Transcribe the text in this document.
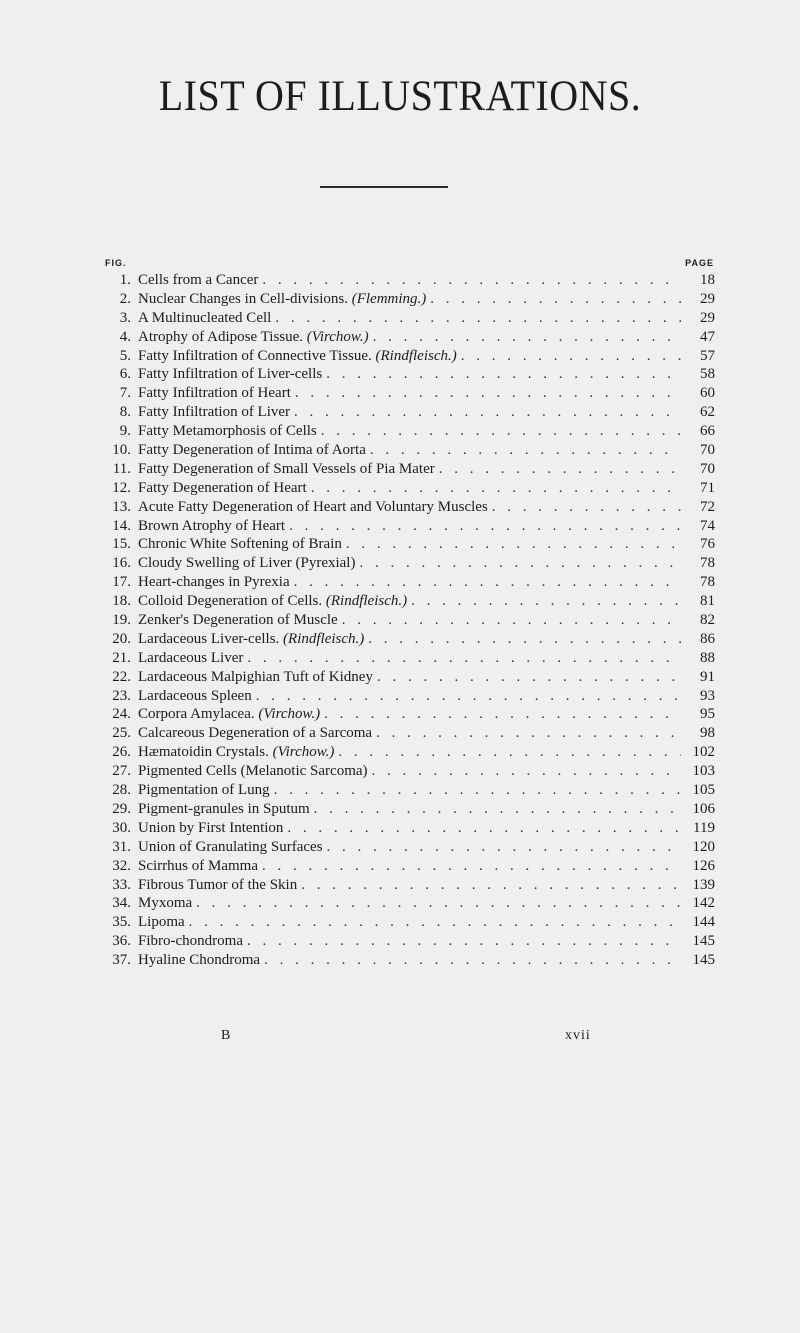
LIST OF ILLUSTRATIONS.
FIG.	PAGE
1. Cells from a Cancer . . .	18
2. Nuclear Changes in Cell-divisions. (Flemming.) . . .	29
3. A Multinucleated Cell . . .	29
4. Atrophy of Adipose Tissue. (Virchow.) . . .	47
5. Fatty Infiltration of Connective Tissue. (Rindfleisch.) . . .	57
6. Fatty Infiltration of Liver-cells . . .	58
7. Fatty Infiltration of Heart . . .	60
8. Fatty Infiltration of Liver . . .	62
9. Fatty Metamorphosis of Cells . . .	66
10. Fatty Degeneration of Intima of Aorta . . .	70
11. Fatty Degeneration of Small Vessels of Pia Mater . . .	70
12. Fatty Degeneration of Heart . . .	71
13. Acute Fatty Degeneration of Heart and Voluntary Muscles . . .	72
14. Brown Atrophy of Heart . . .	74
15. Chronic White Softening of Brain . . .	76
16. Cloudy Swelling of Liver (Pyrexial) . . .	78
17. Heart-changes in Pyrexia . . .	78
18. Colloid Degeneration of Cells. (Rindfleisch.) . . .	81
19. Zenker's Degeneration of Muscle . . .	82
20. Lardaceous Liver-cells. (Rindfleisch.) . . .	86
21. Lardaceous Liver . . .	88
22. Lardaceous Malpighian Tuft of Kidney . . .	91
23. Lardaceous Spleen . . .	93
24. Corpora Amylacea. (Virchow.) . . .	95
25. Calcareous Degeneration of a Sarcoma . . .	98
26. Hæmatoidin Crystals. (Virchow.) . . .	102
27. Pigmented Cells (Melanotic Sarcoma) . . .	103
28. Pigmentation of Lung . . .	105
29. Pigment-granules in Sputum . . .	106
30. Union by First Intention . . .	119
31. Union of Granulating Surfaces . . .	120
32. Scirrhus of Mamma . . .	126
33. Fibrous Tumor of the Skin . . .	139
34. Myxoma . . .	142
35. Lipoma . . .	144
36. Fibro-chondroma . . .	145
37. Hyaline Chondroma . . .	145
B	xvii
